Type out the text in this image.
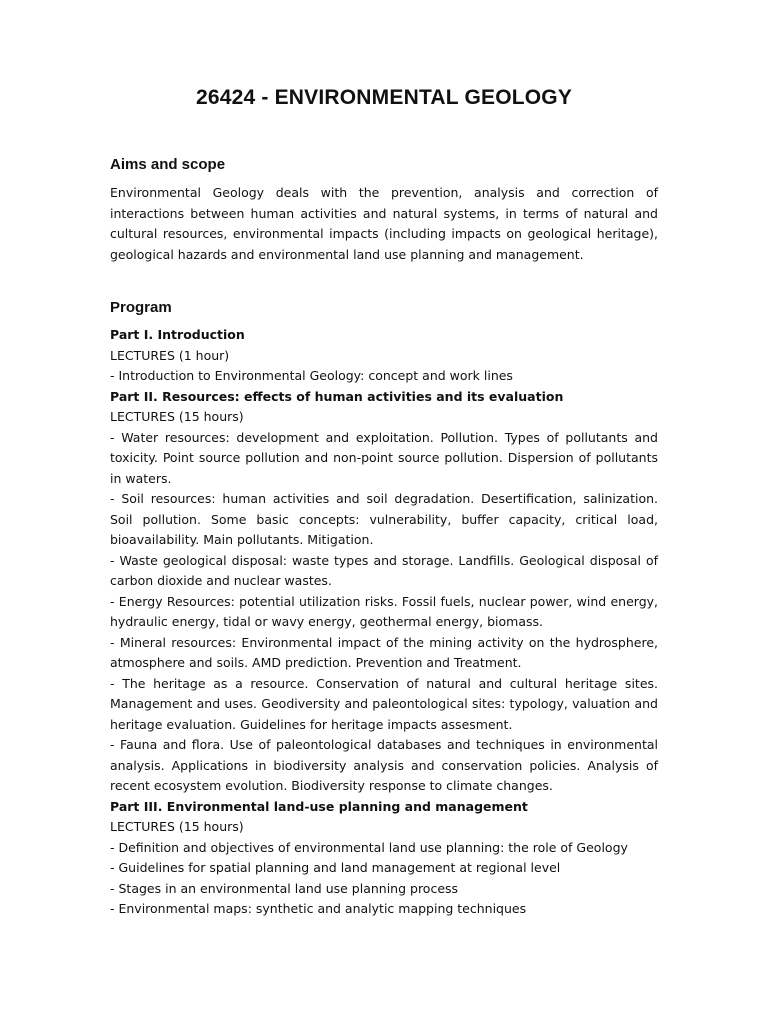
26424 - ENVIRONMENTAL GEOLOGY
Aims and scope

Environmental Geology deals with the prevention, analysis and correction of interactions between human activities and natural systems, in terms of natural and cultural resources, environmental impacts (including impacts on geological heritage), geological hazards and environmental land use planning and management.

Program

Part I. Introduction

LECTURES (1 hour)

- Introduction to Environmental Geology: concept and work lines

Part II. Resources: effects of human activities and its evaluation

LECTURES (15 hours)

- Water resources: development and exploitation. Pollution. Types of pollutants and toxicity. Point source pollution and non-point source pollution. Dispersion of pollutants in waters.

- Soil resources: human activities and soil degradation. Desertification, salinization. Soil pollution. Some basic concepts: vulnerability, buffer capacity, critical load, bioavailability. Main pollutants. Mitigation.

- Waste geological disposal: waste types and storage. Landfills. Geological disposal of carbon dioxide and nuclear wastes.

- Energy Resources: potential utilization risks. Fossil fuels, nuclear power, wind energy, hydraulic energy, tidal or wavy energy, geothermal energy, biomass.

- Mineral resources: Environmental impact of the mining activity on the hydrosphere, atmosphere and soils. AMD prediction. Prevention and Treatment.

- The heritage as a resource. Conservation of natural and cultural heritage sites. Management and uses. Geodiversity and paleontological sites: typology, valuation and heritage evaluation. Guidelines for heritage impacts assesment.

- Fauna and flora. Use of paleontological databases and techniques in environmental analysis. Applications in biodiversity analysis and conservation policies. Analysis of recent ecosystem evolution. Biodiversity response to climate changes.

Part III. Environmental land-use planning and management

LECTURES (15 hours)

- Definition and objectives of environmental land use planning: the role of Geology

- Guidelines for spatial planning and land management at regional level

- Stages in an environmental land use planning process

- Environmental maps: synthetic and analytic mapping techniques
